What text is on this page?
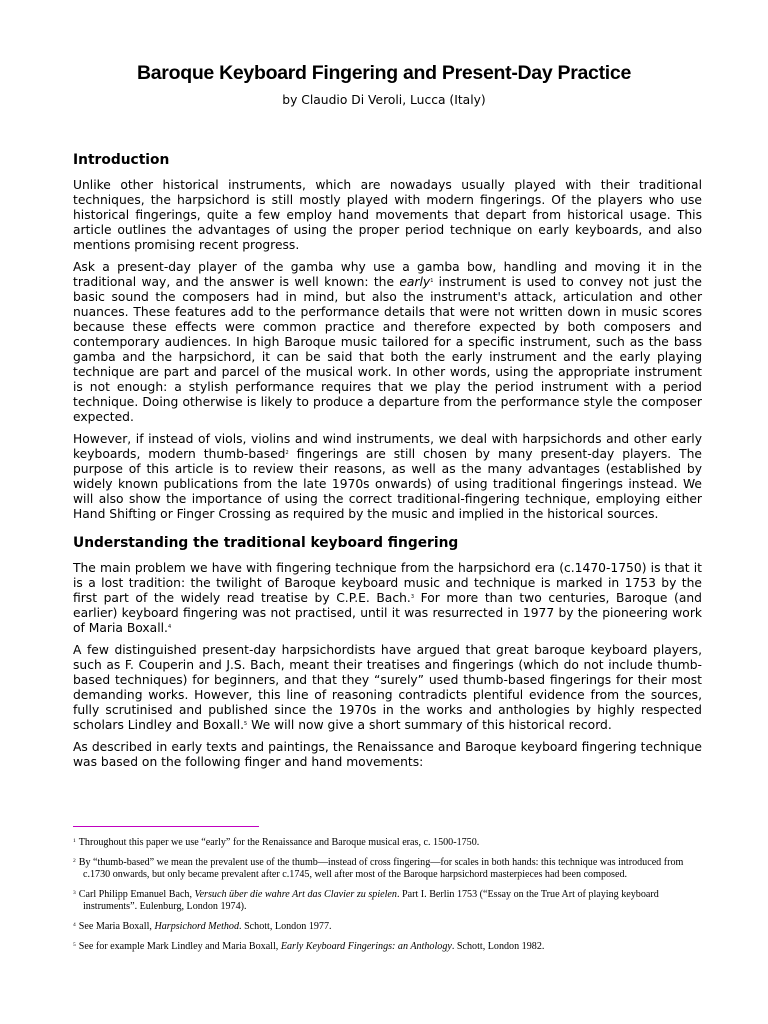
Baroque Keyboard Fingering and Present-Day Practice

by Claudio Di Veroli, Lucca (Italy)

Introduction

Unlike other historical instruments, which are nowadays usually played with their traditional techniques, the harpsichord is still mostly played with modern fingerings. Of the players who use historical fingerings, quite a few employ hand movements that depart from historical usage. This article outlines the advantages of using the proper period technique on early keyboards, and also mentions promising recent progress.

Ask a present-day player of the gamba why use a gamba bow, handling and moving it in the traditional way, and the answer is well known: the early$^1$ instrument is used to convey not just the basic sound the composers had in mind, but also the instrument's attack, articulation and other nuances. These features add to the performance details that were not written down in music scores because these effects were common practice and therefore expected by both composers and contemporary audiences. In high Baroque music tailored for a specific instrument, such as the bass gamba and the harpsichord, it can be said that both the early instrument and the early playing technique are part and parcel of the musical work. In other words, using the appropriate instrument is not enough: a stylish performance requires that we play the period instrument with a period technique. Doing otherwise is likely to produce a departure from the performance style the composer expected.

However, if instead of viols, violins and wind instruments, we deal with harpsichords and other early keyboards, modern thumb-based$^2$ fingerings are still chosen by many present-day players. The purpose of this article is to review their reasons, as well as the many advantages (established by widely known publications from the late 1970s onwards) of using traditional fingerings instead. We will also show the importance of using the correct traditional-fingering technique, employing either Hand Shifting or Finger Crossing as required by the music and implied in the historical sources.

Understanding the traditional keyboard fingering

The main problem we have with fingering technique from the harpsichord era (c.1470-1750) is that it is a lost tradition: the twilight of Baroque keyboard music and technique is marked in 1753 by the first part of the widely read treatise by C.P.E. Bach.$^3$ For more than two centuries, Baroque (and earlier) keyboard fingering was not practised, until it was resurrected in 1977 by the pioneering work of Maria Boxall.$^4$

A few distinguished present-day harpsichordists have argued that great baroque keyboard players, such as F. Couperin and J.S. Bach, meant their treatises and fingerings (which do not include thumb-based techniques) for beginners, and that they “surely” used thumb-based fingerings for their most demanding works. However, this line of reasoning contradicts plentiful evidence from the sources, fully scrutinised and published since the 1970s in the works and anthologies by highly respected scholars Lindley and Boxall.$^5$ We will now give a short summary of this historical record.

As described in early texts and paintings, the Renaissance and Baroque keyboard fingering technique was based on the following finger and hand movements:

$^1$ Throughout this paper we use “early” for the Renaissance and Baroque musical eras, c. 1500-1750.

$^2$ By “thumb-based” we mean the prevalent use of the thumb—instead of cross fingering—for scales in both hands: this technique was introduced from c.1730 onwards, but only became prevalent after c.1745, well after most of the Baroque harpsichord masterpieces had been composed.

$^3$ Carl Philipp Emanuel Bach, Versuch über die wahre Art das Clavier zu spielen. Part I. Berlin 1753 (“Essay on the True Art of playing keyboard instruments”. Eulenburg, London 1974).

$^4$ See Maria Boxall, Harpsichord Method. Schott, London 1977.

$^5$ See for example Mark Lindley and Maria Boxall, Early Keyboard Fingerings: an Anthology. Schott, London 1982.
